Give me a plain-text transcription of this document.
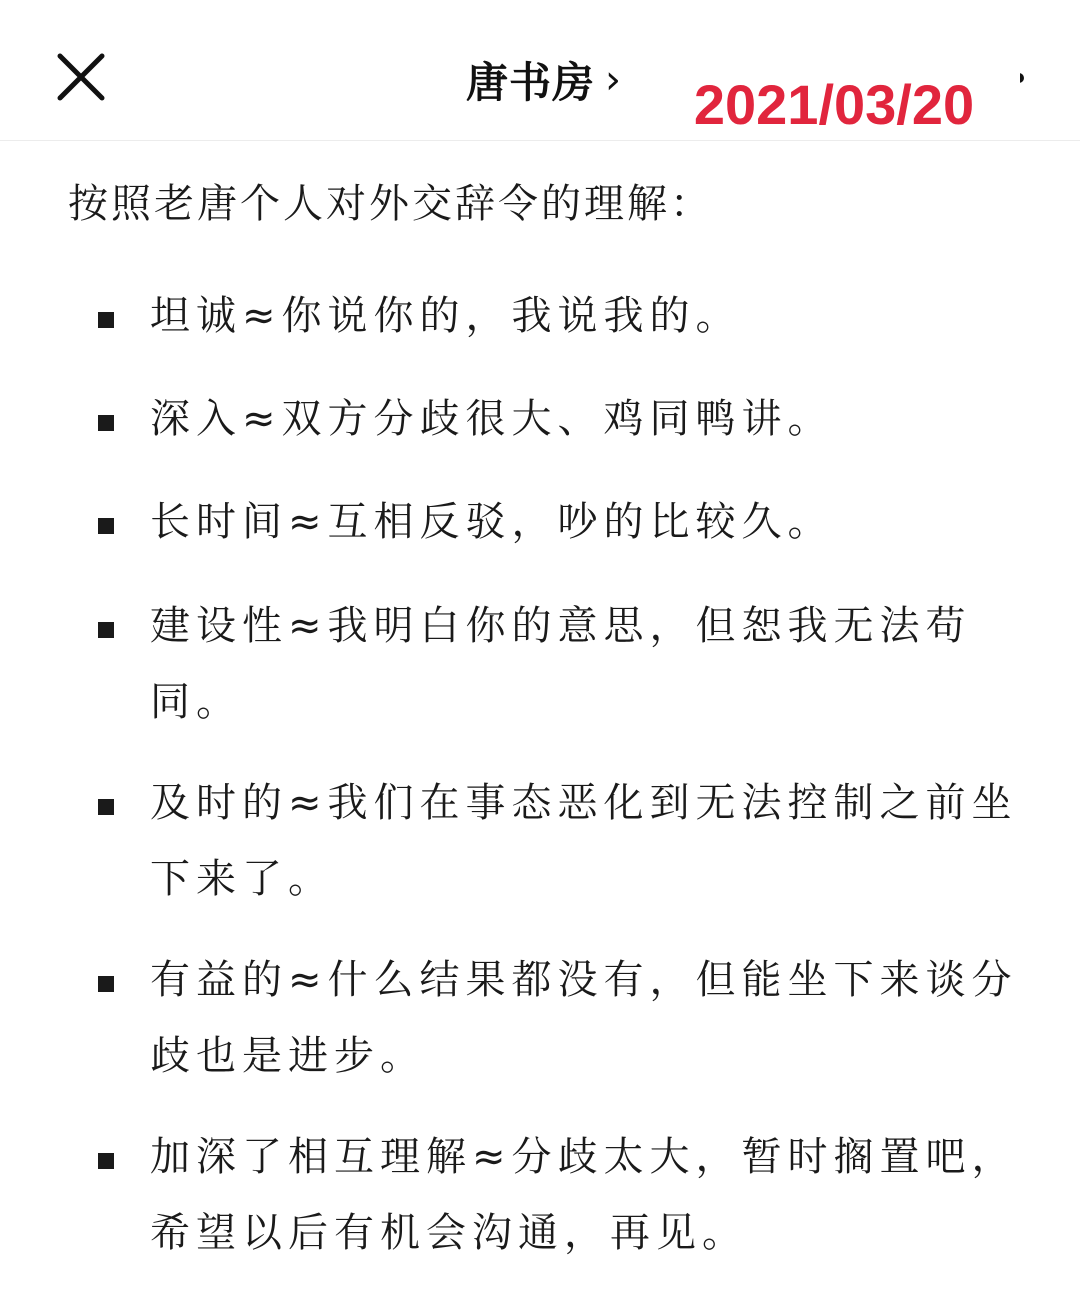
唐书房 ›	2021/03/20
按照老唐个人对外交辞令的理解：
坦诚≈你说你的，我说我的。
深入≈双方分歧很大、鸡同鸭讲。
长时间≈互相反驳，吵的比较久。
建设性≈我明白你的意思，但恕我无法苟同。
及时的≈我们在事态恶化到无法控制之前坐下来了。
有益的≈什么结果都没有，但能坐下来谈分歧也是进步。
加深了相互理解≈分歧太大，暂时搁置吧，希望以后有机会沟通，再见。
